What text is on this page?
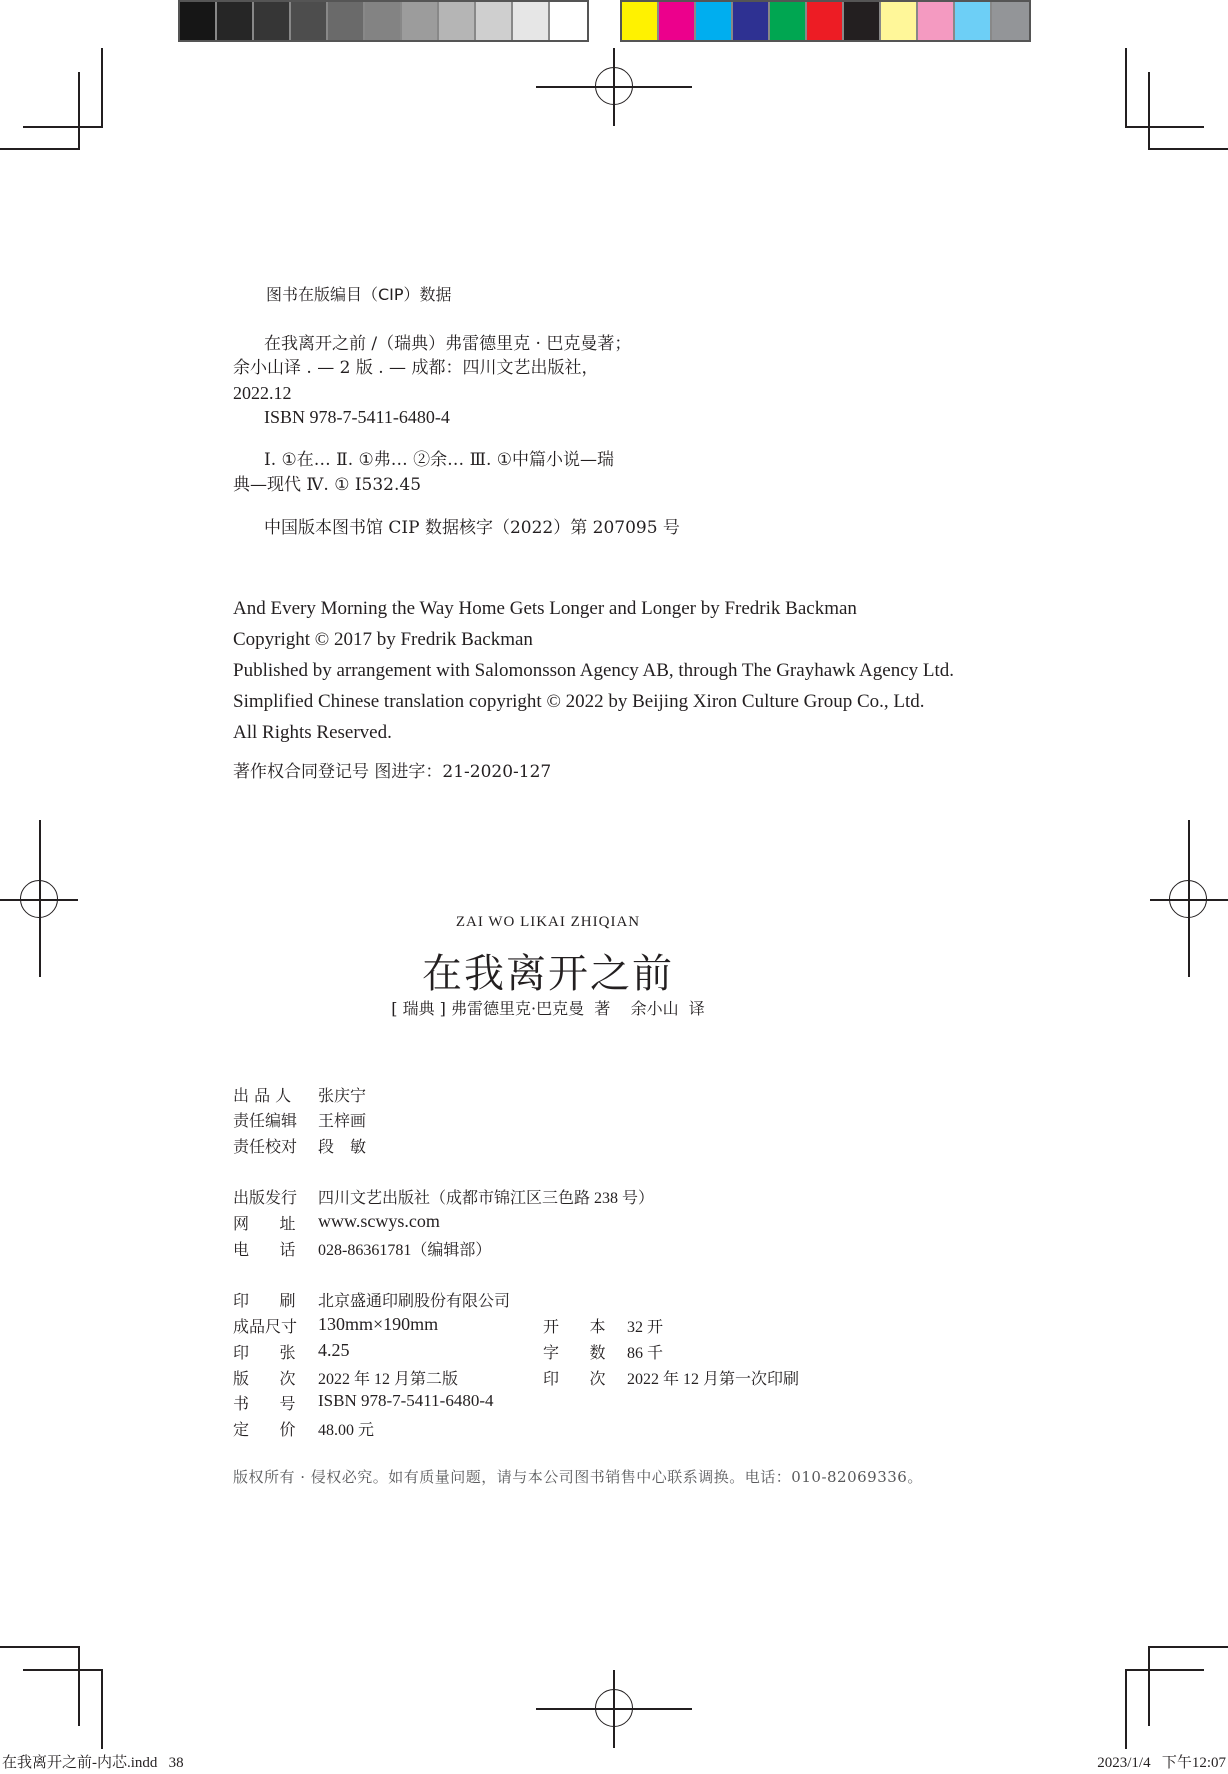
图书在版编目（CIP）数据
在我离开之前 /（瑞典）弗雷德里克 · 巴克曼著；
余小山译 . — 2 版 . — 成都：四川文艺出版社，
2022.12
ISBN 978-7-5411-6480-4
Ⅰ. ①在… Ⅱ. ①弗… ②余… Ⅲ. ①中篇小说—瑞
典—现代 Ⅳ. ① I532.45
中国版本图书馆 CIP 数据核字（2022）第 207095 号
And Every Morning the Way Home Gets Longer and Longer by Fredrik Backman
Copyright © 2017 by Fredrik Backman
Published by arrangement with Salomonsson Agency AB, through The Grayhawk Agency Ltd.
Simplified Chinese translation copyright © 2022 by Beijing Xiron Culture Group Co., Ltd.
All Rights Reserved.
著作权合同登记号 图进字：21-2020-127
ZAI WO LIKAI ZHIQIAN
在我离开之前
[ 瑞典 ] 弗雷德里克·巴克曼  著    余小山  译
出 品 人 张庆宁
责任编辑 王梓画
责任校对 段    敏
出版发行 四川文艺出版社（成都市锦江区三色路 238 号）
网      址 www.scwys.com
电      话 028-86361781（编辑部）
印      刷 北京盛通印刷股份有限公司
成品尺寸 130mm×190mm
印      张 4.25
版      次 2022 年 12 月第二版
书      号 ISBN 978-7-5411-6480-4
定      价 48.00 元
开      本 32 开
字      数 86 千
印      次 2022 年 12 月第一次印刷
版权所有 · 侵权必究。如有质量问题，请与本公司图书销售中心联系调换。电话：010-82069336。
在我离开之前-内芯.indd   38	2023/1/4   下午12:07
